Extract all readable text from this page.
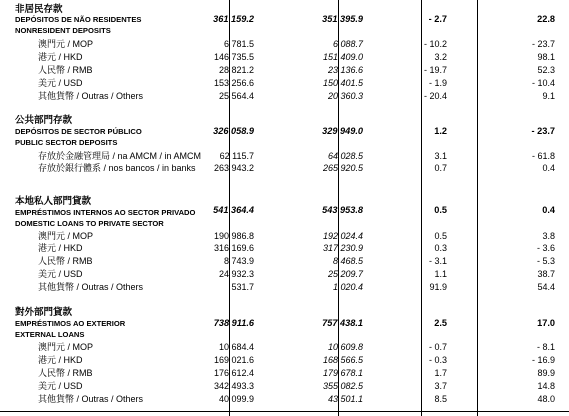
非居民存款
DEPÓSITOS DE NÃO RESIDENTES	361 159.2	351 395.9	- 2.7	22.8
NONRESIDENT DEPOSITS
澳門元 / MOP	6 781.5	6 088.7	- 10.2	- 23.7
港元 / HKD	146 735.5	151 409.0	3.2	98.1
人民幣 / RMB	28 821.2	23 136.6	- 19.7	52.3
美元 / USD	153 256.6	150 401.5	- 1.9	- 10.4
其他貨幣 / Outras / Others	25 564.4	20 360.3	- 20.4	9.1
公共部門存款
DEPÓSITOS DE SECTOR PÚBLICO	326 058.9	329 949.0	1.2	- 23.7
PUBLIC SECTOR DEPOSITS
存放於金融管理局 / na AMCM / in AMCM 62 115.7	64 028.5	3.1	- 61.8
存放於銀行體系 / nos bancos / in banks 263 943.2	265 920.5	0.7	0.4
本地私人部門貸款
EMPRÉSTIMOS INTERNOS AO SECTOR PRIVADO 541 364.4	543 953.8	0.5	0.4
DOMESTIC LOANS TO PRIVATE SECTOR
澳門元 / MOP	190 986.8	192 024.4	0.5	3.8
港元 / HKD	316 169.6	317 230.9	0.3	- 3.6
人民幣 / RMB	8 743.9	8 468.5	- 3.1	- 5.3
美元 / USD	24 932.3	25 209.7	1.1	38.7
其他貨幣 / Outras / Others	531.7	1 020.4	91.9	54.4
對外部門貸款
EMPRÉSTIMOS AO EXTERIOR	738 911.6	757 438.1	2.5	17.0
EXTERNAL LOANS
澳門元 / MOP	10 684.4	10 609.8	- 0.7	- 8.1
港元 / HKD	169 021.6	168 566.5	- 0.3	- 16.9
人民幣 / RMB	176 612.4	179 678.1	1.7	89.9
美元 / USD	342 493.3	355 082.5	3.7	14.8
其他貨幣 / Outras / Others	40 099.9	43 501.1	8.5	48.0
